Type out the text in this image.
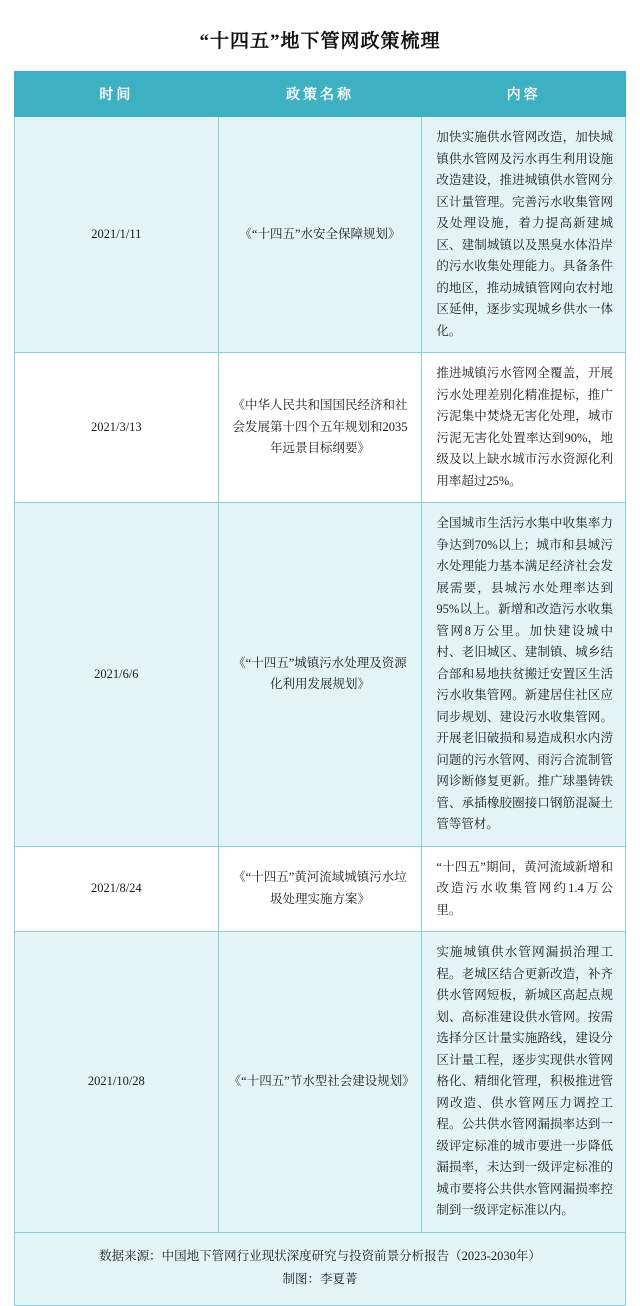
“十四五”地下管网政策梳理
时间	政策名称	内容
2021/1/11	《“十四五”水安全保障规划》	加快实施供水管网改造，加快城镇供水管网及污水再生利用设施改造建设，推进城镇供水管网分区计量管理。完善污水收集管网及处理设施，着力提高新建城区、建制城镇以及黑臭水体沿岸的污水收集处理能力。具备条件的地区，推动城镇管网向农村地区延伸，逐步实现城乡供水一体化。
2021/3/13	《中华人民共和国国民经济和社会发展第十四个五年规划和2035年远景目标纲要》	推进城镇污水管网全覆盖，开展污水处理差别化精准提标，推广污泥集中焚烧无害化处理，城市污泥无害化处置率达到90%，地级及以上缺水城市污水资源化利用率超过25%。
2021/6/6	《“十四五”城镇污水处理及资源化利用发展规划》	全国城市生活污水集中收集率力争达到70%以上；城市和县城污水处理能力基本满足经济社会发展需要，县城污水处理率达到95%以上。新增和改造污水收集管网8万公里。加快建设城中村、老旧城区、建制镇、城乡结合部和易地扶贫搬迁安置区生活污水收集管网。新建居住社区应同步规划、建设污水收集管网。开展老旧破损和易造成积水内涝问题的污水管网、雨污合流制管网诊断修复更新。推广球墨铸铁管、承插橡胶圈接口钢筋混凝土管等管材。
2021/8/24	《“十四五”黄河流域城镇污水垃圾处理实施方案》	“十四五”期间，黄河流域新增和改造污水收集管网约1.4万公里。
2021/10/28	《“十四五”节水型社会建设规划》	实施城镇供水管网漏损治理工程。老城区结合更新改造，补齐供水管网短板，新城区高起点规划、高标准建设供水管网。按需选择分区计量实施路线，建设分区计量工程，逐步实现供水管网格化、精细化管理，积极推进管网改造、供水管网压力调控工程。公共供水管网漏损率达到一级评定标准的城市要进一步降低漏损率，未达到一级评定标准的城市要将公共供水管网漏损率控制到一级评定标准以内。
数据来源：中国地下管网行业现状深度研究与投资前景分析报告（2023-2030年）
制图：李夏菁
